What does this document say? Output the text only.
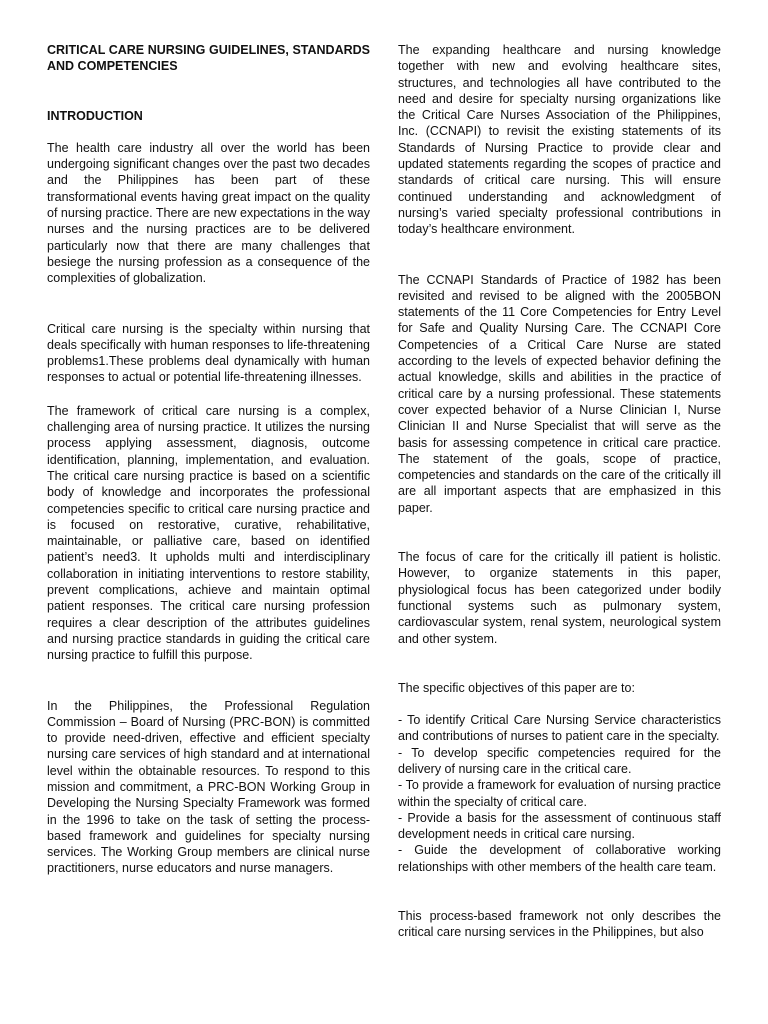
CRITICAL CARE NURSING GUIDELINES, STANDARDS AND COMPETENCIES

INTRODUCTION

The health care industry all over the world has been undergoing significant changes over the past two decades and the Philippines has been part of these transformational events having great impact on the quality of nursing practice. There are new expectations in the way nurses and the nursing practices are to be delivered particularly now that there are many challenges that besiege the nursing profession as a consequence of the complexities of globalization.

Critical care nursing is the specialty within nursing that deals specifically with human responses to life-threatening problems1.These problems deal dynamically with human responses to actual or potential life-threatening illnesses.

The framework of critical care nursing is a complex, challenging area of nursing practice. It utilizes the nursing process applying assessment, diagnosis, outcome identification, planning, implementation, and evaluation. The critical care nursing practice is based on a scientific body of knowledge and incorporates the professional competencies specific to critical care nursing practice and is focused on restorative, curative, rehabilitative, maintainable, or palliative care, based on identified patient’s need3. It upholds multi and interdisciplinary collaboration in initiating interventions to restore stability, prevent complications, achieve and maintain optimal patient responses. The critical care nursing profession requires a clear description of the attributes guidelines and nursing practice standards in guiding the critical care nursing practice to fulfill this purpose.

In the Philippines, the Professional Regulation Commission – Board of Nursing (PRC-BON) is committed to provide need-driven, effective and efficient specialty nursing care services of high standard and at international level within the obtainable resources. To respond to this mission and commitment, a PRC-BON Working Group in Developing the Nursing Specialty Framework was formed in the 1996 to take on the task of setting the process-based framework and guidelines for specialty nursing services. The Working Group members are clinical nurse practitioners, nurse educators and nurse managers.

The expanding healthcare and nursing knowledge together with new and evolving healthcare sites, structures, and technologies all have contributed to the need and desire for specialty nursing organizations like the Critical Care Nurses Association of the Philippines, Inc. (CCNAPI) to revisit the existing statements of its Standards of Nursing Practice to provide clear and updated statements regarding the scopes of practice and standards of critical care nursing. This will ensure continued understanding and acknowledgment of nursing’s varied specialty professional contributions in today’s healthcare environment.

The CCNAPI Standards of Practice of 1982 has been revisited and revised to be aligned with the 2005BON statements of the 11 Core Competencies for Entry Level for Safe and Quality Nursing Care. The CCNAPI Core Competencies of a Critical Care Nurse are stated according to the levels of expected behavior defining the actual knowledge, skills and abilities in the practice of critical care by a nursing professional. These statements cover expected behavior of a Nurse Clinician I, Nurse Clinician II and Nurse Specialist that will serve as the basis for assessing competence in critical care practice. The statement of the goals, scope of practice, competencies and standards on the care of the critically ill are all important aspects that are emphasized in this paper.

The focus of care for the critically ill patient is holistic. However, to organize statements in this paper, physiological focus has been categorized under bodily functional systems such as pulmonary system, cardiovascular system, renal system, neurological system and other system.

The specific objectives of this paper are to:

- To identify Critical Care Nursing Service characteristics and contributions of nurses to patient care in the specialty.
- To develop specific competencies required for the delivery of nursing care in the critical care.
- To provide a framework for evaluation of nursing practice within the specialty of critical care.
- Provide a basis for the assessment of continuous staff development needs in critical care nursing.
- Guide the development of collaborative working relationships with other members of the health care team.

This process-based framework not only describes the critical care nursing services in the Philippines, but also
